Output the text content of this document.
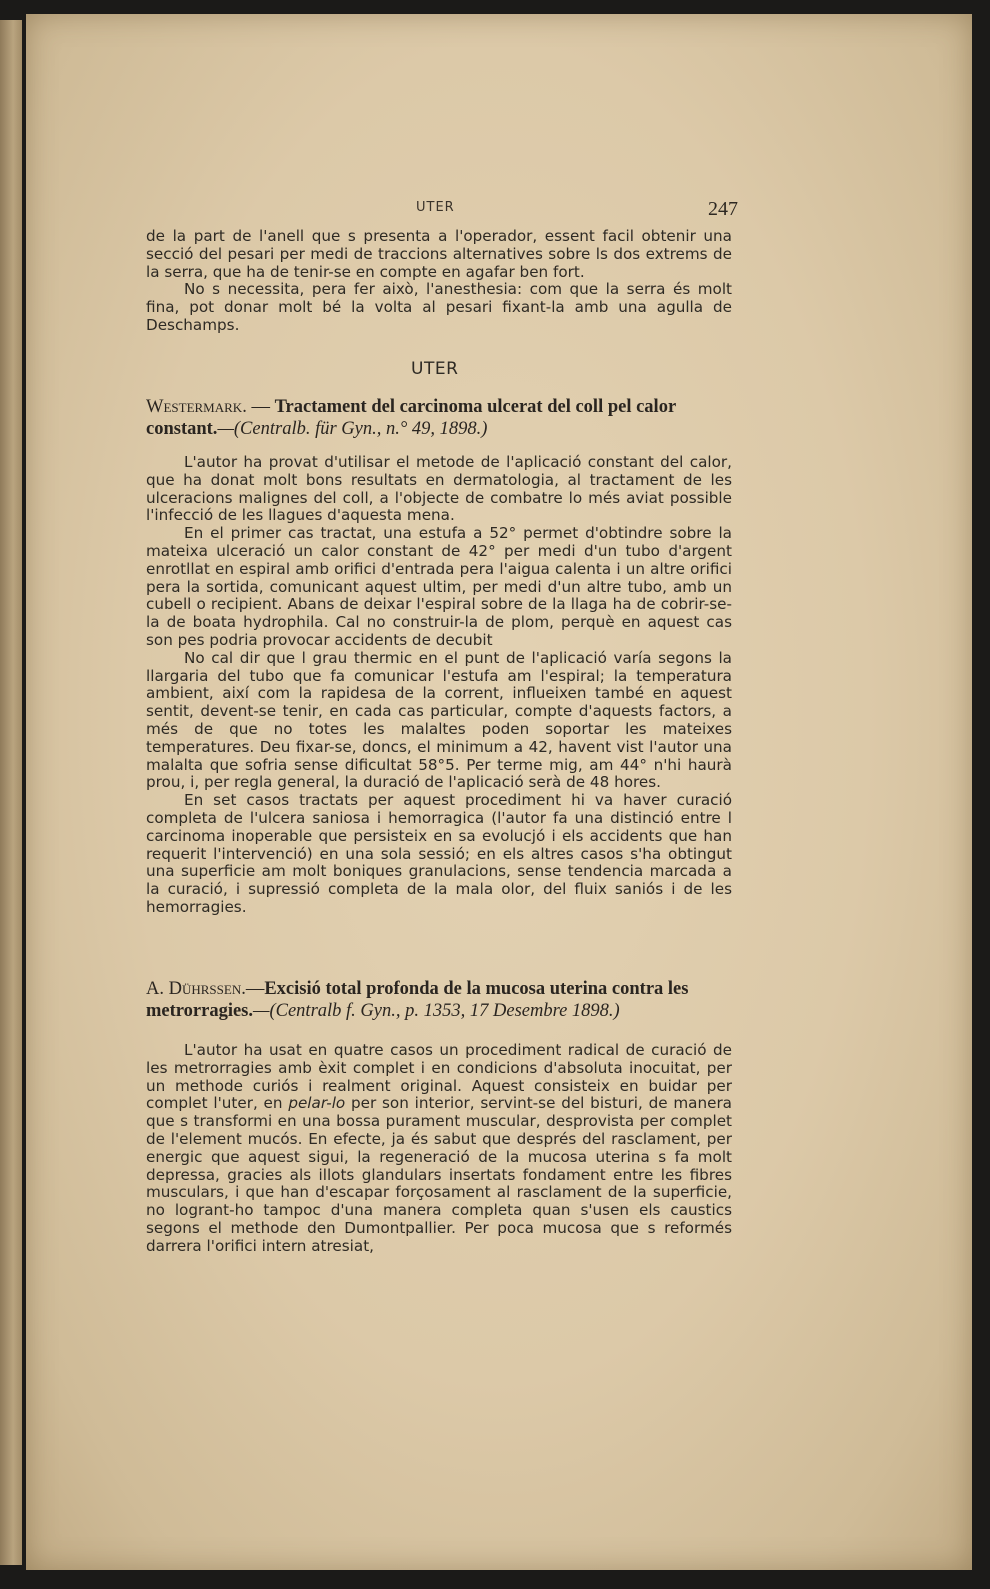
UTER	247

de la part de l'anell que s presenta a l'operador, essent facil obtenir una secció del pesari per medi de traccions alternatives sobre ls dos extrems de la serra, que ha de tenir-se en compte en agafar ben fort.

No s necessita, pera fer això, l'anesthesia: com que la serra és molt fina, pot donar molt bé la volta al pesari fixant-la amb una agulla de Deschamps.

UTER
Westermark. — Tractament del carcinoma ulcerat del coll pel calor constant.—(Centralb. für Gyn., n.° 49, 1898.)

L'autor ha provat d'utilisar el metode de l'aplicació constant del calor, que ha donat molt bons resultats en dermatologia, al tractament de les ulceracions malignes del coll, a l'objecte de combatre lo més aviat possible l'infecció de les llagues d'aquesta mena.

En el primer cas tractat, una estufa a 52° permet d'obtindre sobre la mateixa ulceració un calor constant de 42° per medi d'un tubo d'argent enrotllat en espiral amb orifici d'entrada pera l'aigua calenta i un altre orifici pera la sortida, comunicant aquest ultim, per medi d'un altre tubo, amb un cubell o recipient. Abans de deixar l'espiral sobre de la llaga ha de cobrir-se-la de boata hydrophila. Cal no construir-la de plom, perquè en aquest cas son pes podria provocar accidents de decubit

No cal dir que l grau thermic en el punt de l'aplicació varía segons la llargaria del tubo que fa comunicar l'estufa am l'espiral; la temperatura ambient, així com la rapidesa de la corrent, influeixen també en aquest sentit, devent-se tenir, en cada cas particular, compte d'aquests factors, a més de que no totes les malaltes poden soportar les mateixes temperatures. Deu fixar-se, doncs, el minimum a 42, havent vist l'autor una malalta que sofria sense dificultat 58°5. Per terme mig, am 44° n'hi haurà prou, i, per regla general, la duració de l'aplicació serà de 48 hores.

En set casos tractats per aquest procediment hi va haver curació completa de l'ulcera saniosa i hemorragica (l'autor fa una distinció entre l carcinoma inoperable que persisteix en sa evolucjó i els accidents que han requerit l'intervenció) en una sola sessió; en els altres casos s'ha obtingut una superficie am molt boniques granulacions, sense tendencia marcada a la curació, i supressió completa de la mala olor, del fluix saniós i de les hemorragies.

A. Dührssen.—Excisió total profonda de la mucosa uterina contra les metrorragies.—(Centralb f. Gyn., p. 1353, 17 Desembre 1898.)

L'autor ha usat en quatre casos un procediment radical de curació de les metrorragies amb èxit complet i en condicions d'absoluta inocuitat, per un methode curiós i realment original. Aquest consisteix en buidar per complet l'uter, en pelar-lo per son interior, servint-se del bisturi, de manera que s transformi en una bossa purament muscular, desprovista per complet de l'element mucós. En efecte, ja és sabut que després del rasclament, per energic que aquest sigui, la regeneració de la mucosa uterina s fa molt depressa, gracies als illots glandulars insertats fondament entre les fibres musculars, i que han d'escapar forçosament al rasclament de la superficie, no logrant-ho tampoc d'una manera completa quan s'usen els caustics segons el methode den Dumontpallier. Per poca mucosa que s reformés darrera l'orifici intern atresiat,
